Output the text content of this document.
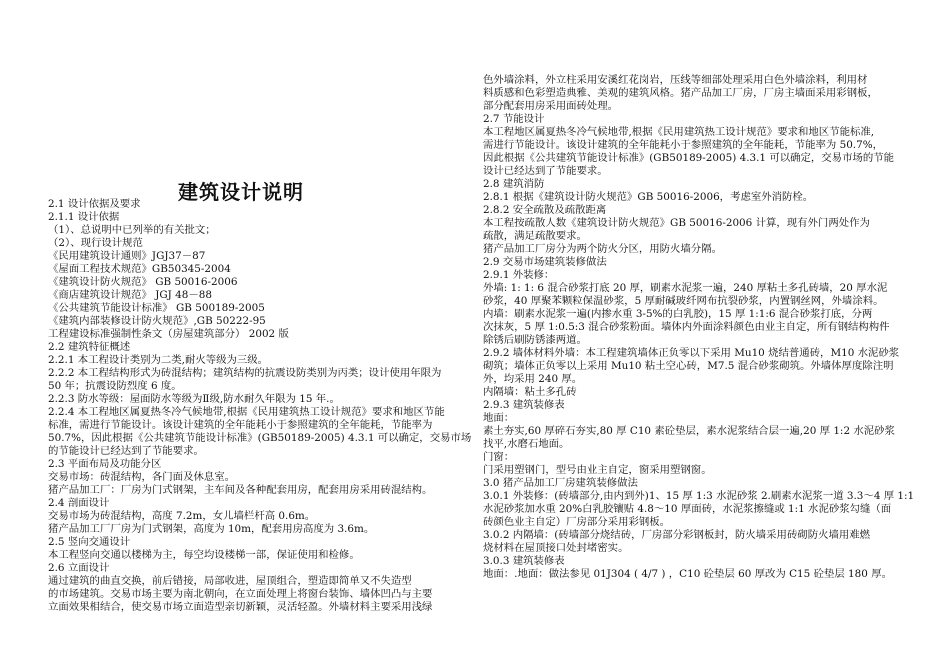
建筑设计说明
2.1 设计依据及要求
2.1.1 设计依据
（1）、总说明中已列举的有关批文；
（2）、现行设计规范
《民用建筑设计通则》JGJ37－87
《屋面工程技术规范》GB50345-2004
《建筑设计防火规范》 GB 50016-2006
《商店建筑设计规范》 JGJ 48－88
《公共建筑节能设计标准》 GB 500189-2005
《建筑内部装修设计防火规范》,GB 50222-95
工程建设标准强制性条文（房屋建筑部分） 2002 版
2.2 建筑特征概述
2.2.1 本工程设计类别为二类,耐火等级为三级。
2.2.2 本工程结构形式为砖混结构；建筑结构的抗震设防类别为丙类；设计使用年限为
50 年；抗震设防烈度 6 度。
2.2.3 防水等级：屋面防水等级为Ⅱ级,防水耐久年限为 15 年.。
2.2.4 本工程地区属夏热冬冷气候地带,根据《民用建筑热工设计规范》要求和地区节能
标准，需进行节能设计。该设计建筑的全年能耗小于参照建筑的全年能耗，节能率为
50.7%，因此根据《公共建筑节能设计标准》(GB50189-2005) 4.3.1 可以确定，交易市场
的节能设计已经达到了节能要求。
2.3 平面布局及功能分区
交易市场：砖混结构，各门面及休息室。
猪产品加工厂：厂房为门式钢架，主车间及各种配套用房，配套用房采用砖混结构。
2.4 剖面设计
交易市场为砖混结构，高度 7.2m，女儿墙栏杆高 0.6m。
猪产品加工厂厂房为门式钢架，高度为 10m，配套用房高度为 3.6m。
2.5 竖向交通设计
本工程竖向交通以楼梯为主，每空均设楼梯一部，保证使用和检修。
2.6 立面设计
通过建筑的曲直交换，前后错接，局部收进，屋顶组合，塑造即简单又不失造型
的市场建筑。交易市场主要为南北朝向，在立面处理上将窗台装饰、墙体凹凸与主要
立面效果相结合，使交易市场立面造型亲切新颖，灵活轻盈。外墙材料主要采用浅绿
色外墙涂料，外立柱采用安溪红花岗岩，压线等细部处理采用白色外墙涂料，利用材
料质感和色彩塑造典雅、美观的建筑风格。猪产品加工厂房，厂房主墙面采用彩钢板，
部分配套用房采用面砖处理。
2.7 节能设计
本工程地区属夏热冬冷气候地带,根据《民用建筑热工设计规范》要求和地区节能标准,
需进行节能设计。该设计建筑的全年能耗小于参照建筑的全年能耗，节能率为 50.7%，
因此根据《公共建筑节能设计标准》(GB50189-2005) 4.3.1 可以确定，交易市场的节能
设计已经达到了节能要求。
2.8 建筑消防
2.8.1 根据《建筑设计防火规范》GB 50016-2006，考虑室外消防栓。
2.8.2 安全疏散及疏散距离
本工程按疏散人数《建筑设计防火规范》GB 50016-2006 计算，现有外门两处作为
疏散，满足疏散要求。
猪产品加工厂房分为两个防火分区，用防火墙分隔。
2.9 交易市场建筑装修做法
2.9.1 外装修：
外墙: 1: 1: 6 混合砂浆打底 20 厚，刷素水泥浆一遍，240 厚粘土多孔砖墙，20 厚水泥
砂浆，40 厚聚苯颗粒保温砂浆，5 厚耐碱玻纤网布抗裂砂浆，内置钢丝网，外墙涂料。
内墙：刷素水泥浆一遍(内掺水重 3-5%的白乳胶)，15 厚 1:1:6 混合砂浆打底，分两
次抹灰，5 厚 1:0.5:3 混合砂浆粉面。墙体内外面涂料颜色由业主自定，所有钢结构构件
除锈后刷防锈漆两道。
2.9.2 墙体材料外墙：本工程建筑墙体正负零以下采用 Mu10 烧结普通砖，M10 水泥砂浆
砌筑；墙体正负零以上采用 Mu10 粘土空心砖，M7.5 混合砂浆砌筑。外墙体厚度除注明
外，均采用 240 厚。
内隔墙：粘土多孔砖
2.9.3 建筑装修表
地面：
素土夯实,60 厚碎石夯实,80 厚 C10 素砼垫层，素水泥浆结合层一遍,20 厚 1:2 水泥砂浆
找平,水磨石地面。
门窗：
门采用塑钢门，型号由业主自定，窗采用塑钢窗。
3.0 猪产品加工厂房建筑装修做法
3.0.1 外装修：(砖墙部分,由内到外)1、15 厚 1:3 水泥砂浆 2.刷素水泥浆一道 3.3～4 厚 1:1
水泥砂浆加水重 20%白乳胶镶贴 4.8～10 厚面砖，水泥浆擦缝或 1:1 水泥砂浆勾缝（面
砖颜色业主自定）厂房部分采用彩钢板。
3.0.2 内隔墙：(砖墙部分烧结砖，厂房部分彩钢板封，防火墙采用砖砌防火墙用难燃
烧材料在屋顶接口处封堵密实。
3.0.3 建筑装修表
地面：.地面：做法参见 01J304 ( 4/7 ) ，C10 砼垫层 60 厚改为 C15 砼垫层 180 厚。
